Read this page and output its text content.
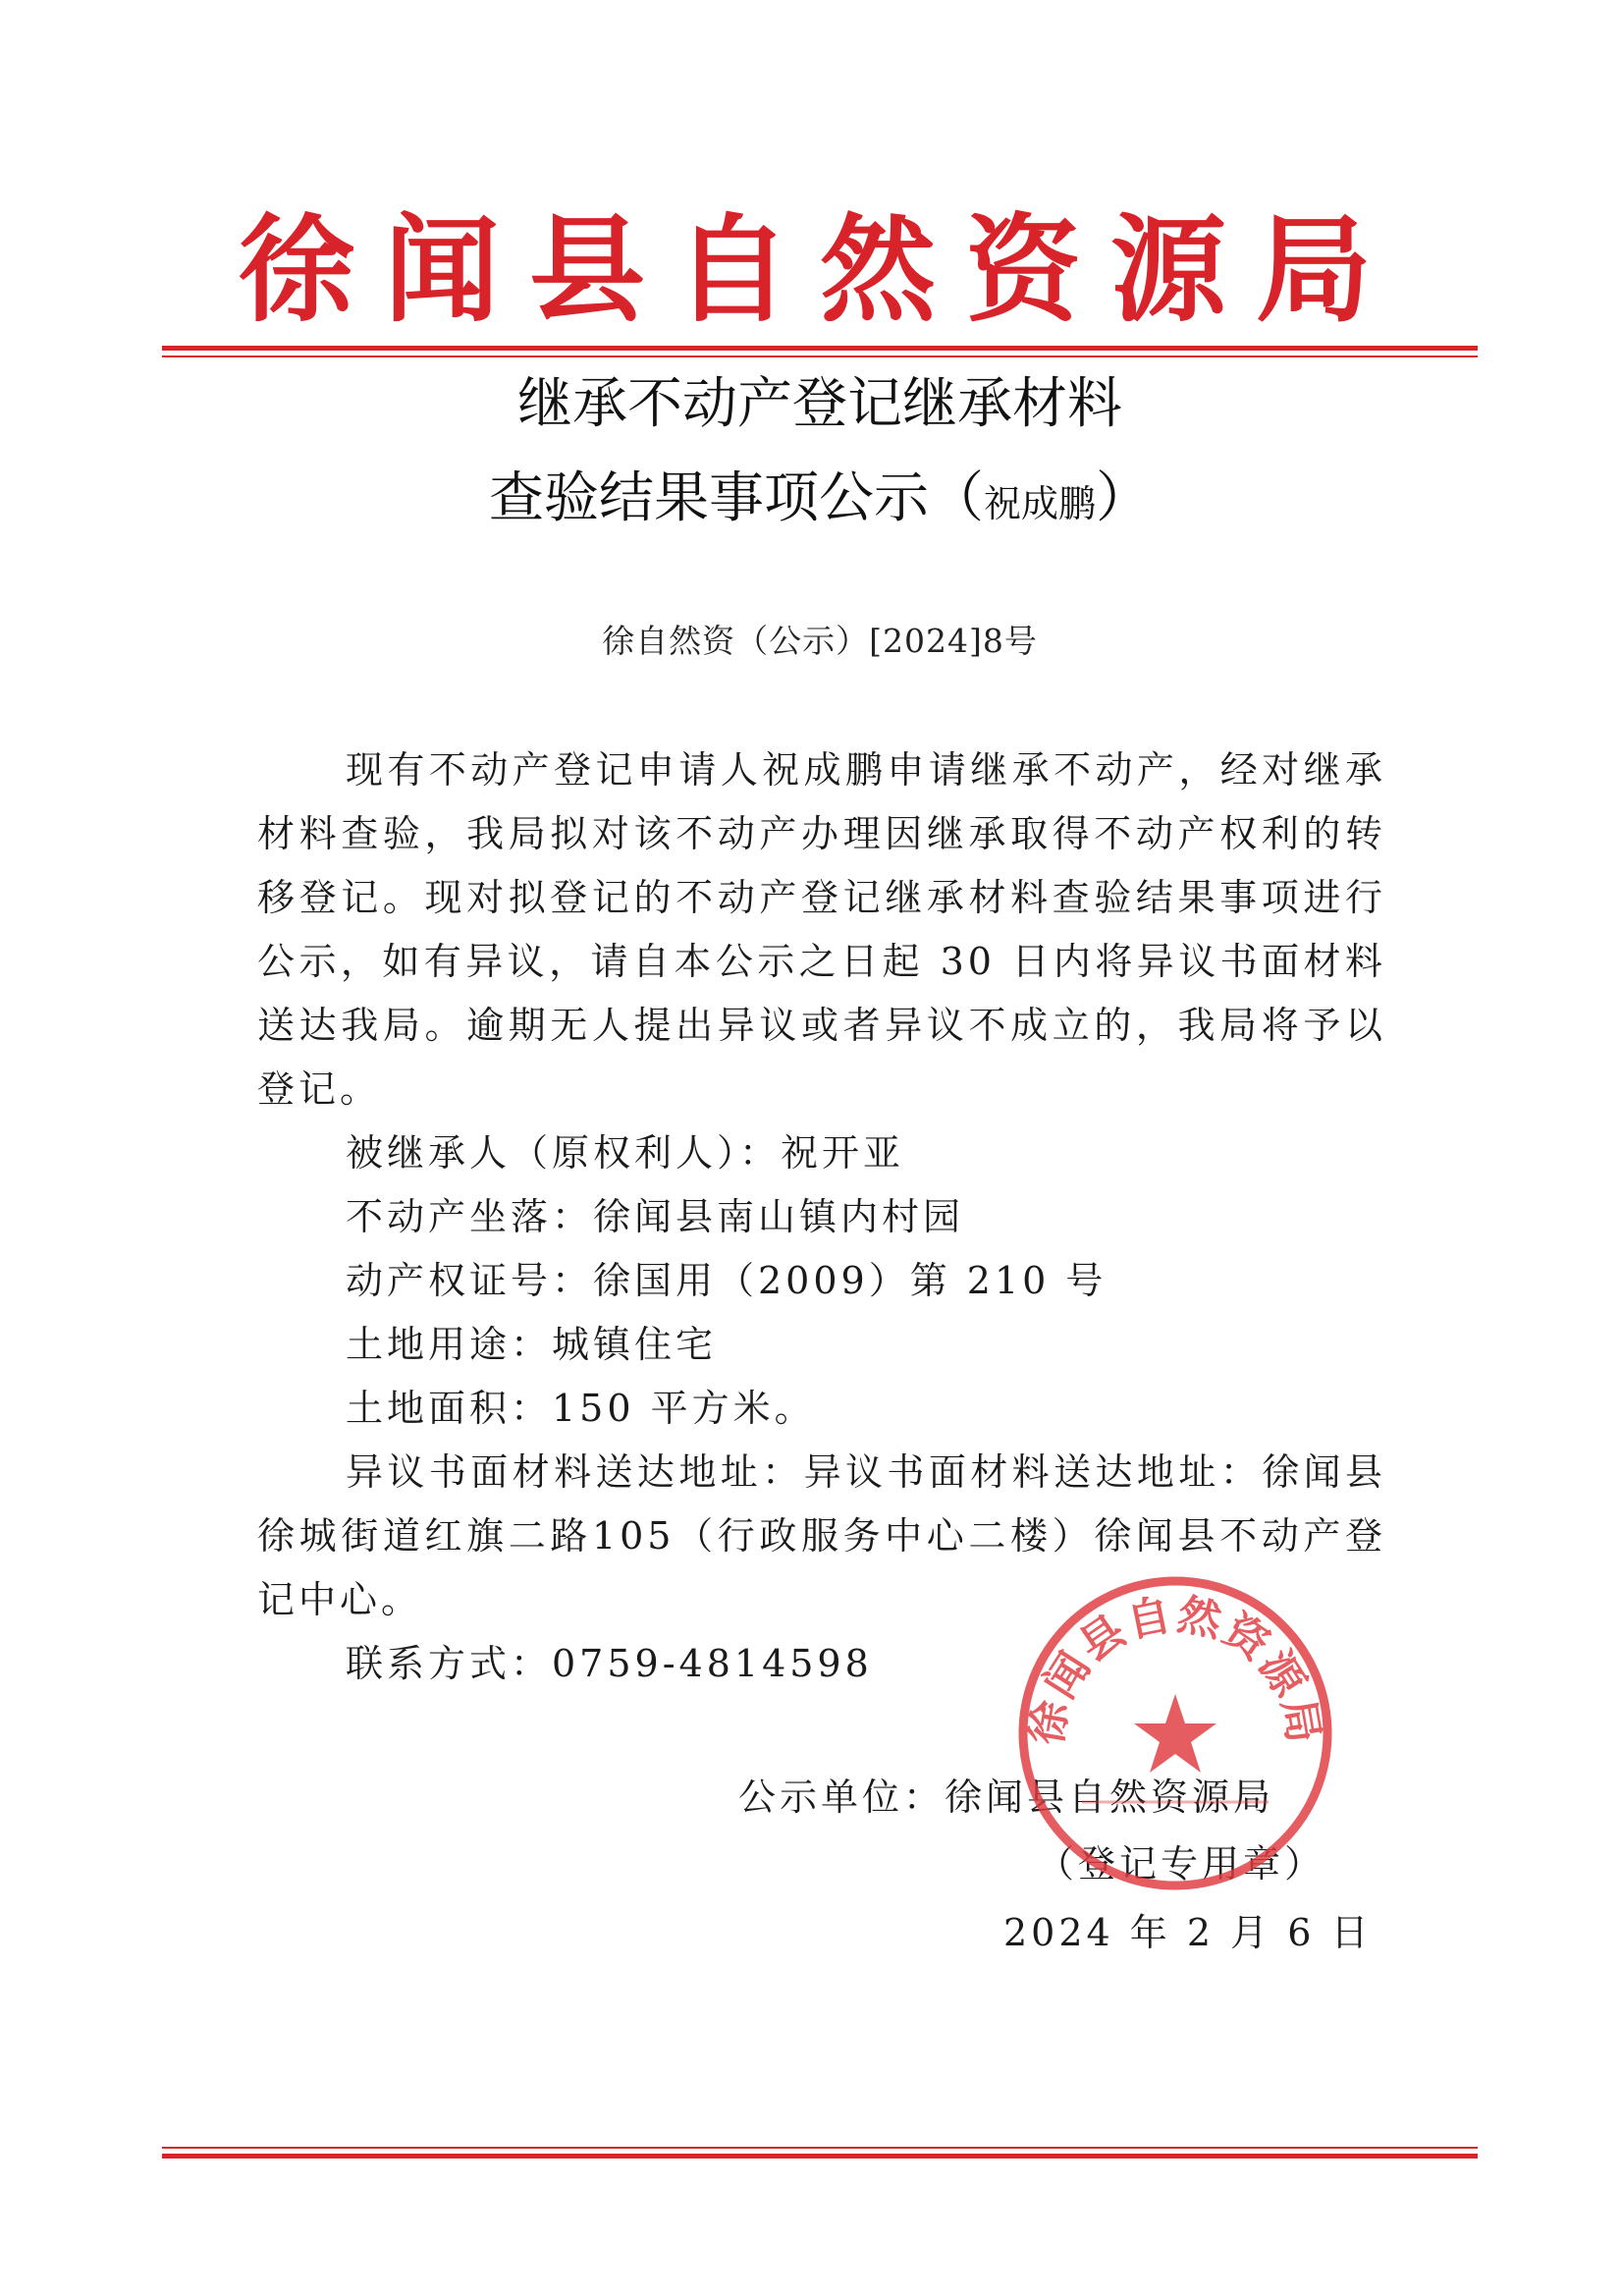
徐闻县自然资源局
继承不动产登记继承材料
查验结果事项公示（祝成鹏）
徐自然资（公示）[2024]8号

现有不动产登记申请人祝成鹏申请继承不动产，经对继承材料查验，我局拟对该不动产办理因继承取得不动产权利的转移登记。现对拟登记的不动产登记继承材料查验结果事项进行公示，如有异议，请自本公示之日起 30 日内将异议书面材料送达我局。逾期无人提出异议或者异议不成立的，我局将予以登记。

被继承人（原权利人）：祝开亚

不动产坐落：徐闻县南山镇内村园

动产权证号：徐国用（2009）第 210 号

土地用途：城镇住宅

土地面积：150 平方米。

异议书面材料送达地址：异议书面材料送达地址：徐闻县徐城街道红旗二路105（行政服务中心二楼）徐闻县不动产登记中心。

联系方式：0759-4814598

公示单位：徐闻县自然资源局
（登记专用章）
2024 年 2 月 6 日
徐闻县自然资源局
